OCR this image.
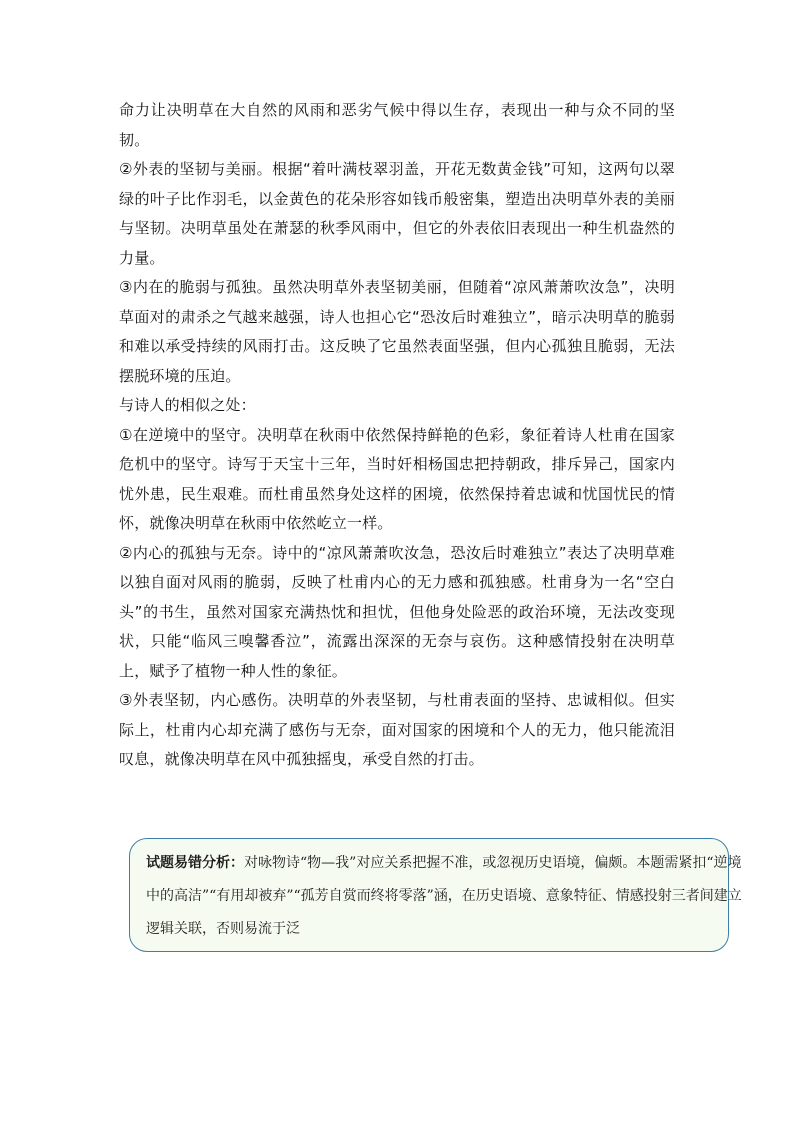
命力让决明草在大自然的风雨和恶劣气候中得以生存，表现出一种与众不同的坚韧。

②外表的坚韧与美丽。根据“着叶满枝翠羽盖，开花无数黄金钱”可知，这两句以翠绿的叶子比作羽毛，以金黄色的花朵形容如钱币般密集，塑造出决明草外表的美丽与坚韧。决明草虽处在萧瑟的秋季风雨中，但它的外表依旧表现出一种生机盎然的力量。

③内在的脆弱与孤独。虽然决明草外表坚韧美丽，但随着“凉风萧萧吹汝急”，决明草面对的肃杀之气越来越强，诗人也担心它“恐汝后时难独立”，暗示决明草的脆弱和难以承受持续的风雨打击。这反映了它虽然表面坚强，但内心孤独且脆弱，无法摆脱环境的压迫。

与诗人的相似之处：

①在逆境中的坚守。决明草在秋雨中依然保持鲜艳的色彩，象征着诗人杜甫在国家危机中的坚守。诗写于天宝十三年，当时奸相杨国忠把持朝政，排斥异己，国家内忧外患，民生艰难。而杜甫虽然身处这样的困境，依然保持着忠诚和忧国忧民的情怀，就像决明草在秋雨中依然屹立一样。

②内心的孤独与无奈。诗中的“凉风萧萧吹汝急，恐汝后时难独立”表达了决明草难以独自面对风雨的脆弱，反映了杜甫内心的无力感和孤独感。杜甫身为一名“空白头”的书生，虽然对国家充满热忱和担忧，但他身处险恶的政治环境，无法改变现状，只能“临风三嗅馨香泣”，流露出深深的无奈与哀伤。这种感情投射在决明草上，赋予了植物一种人性的象征。

③外表坚韧，内心感伤。决明草的外表坚韧，与杜甫表面的坚持、忠诚相似。但实际上，杜甫内心却充满了感伤与无奈，面对国家的困境和个人的无力，他只能流泪叹息，就像决明草在风中孤独摇曳，承受自然的打击。

试题易错分析：对咏物诗“物—我”对应关系把握不准，或忽视历史语境，偏颇。本题需紧扣“逆境中的高洁”“有用却被弃”“孤芳自赏而终将零落”涵，在历史语境、意象特征、情感投射三者间建立逻辑关联，否则易流于泛
